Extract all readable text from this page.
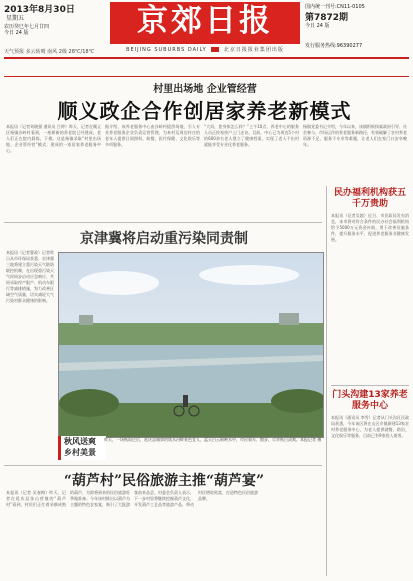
2013年8月30日
星期五
农历癸巳年七月廿四
今日 24 版
天气预报 多云转晴 南风 2级 28℃/18℃
京郊日报
BEIJING SUBURBS DAILY	北京日报报业集团出版
国内统一刊号:CN11-0105
第7872期
今日 24 版
发行服务热线:96390277
村里出场地 企业管经营
顺义政企合作创居家养老新模式
本报讯（记者刘晓强 通讯员 吕钟）昨天，记者在顺义区杨镇沙岭村看到，一座崭新的养老院已经建成，老人们正在院内晨练、下棋。这是杨镇采取“村里出场地、企业管经营”模式，建成的一家居家养老服务中心。
据介绍，该养老服务中心由沙岭村提供场地，引入专业养老服务企业负责运营管理，为本村及周边村庄的老年人提供日间照料、助餐、医疗保健、文化娱乐等多项服务。
“大妈，您身体怎么样？”上午10点，养老中心的服务人员正挨家挨户上门走访。目前，中心已为周边5个村的600余名老人建立了健康档案，实现了老人不出村就能享受专业化养老服务。
杨镇党委书记介绍，今年以来，该镇积极探索政府引导、社会参与、市场运作的养老服务新路径，有效破解了农村养老资源不足、服务不专业等难题，让老人们在家门口安享晚年。
民办福利机构获五千万贵助
本报讯（记者吴越）近日，市民政局发布消息，本市将对符合条件的民办社会福利机构给予5000万元资金补助，用于改善设施条件，提升服务水平，促进养老服务业健康发展。
门头沟建13家养老服务中心
本报讯（通讯员 李雪）记者从门头沟区民政局获悉，今年该区将在山区乡镇新建13家农村养老服务中心，为老人提供就餐、助浴、文化娱乐等服务，目前已有9家投入使用。
京津冀将启动重污染同责制
本报讯（记者曹政）记者昨日从市环保局获悉，京津冀三地将建立重污染天气联防联控机制，在出现重污染天气时同步启动应急响应，共同采取停产限产、机动车限行等减排措施，努力改善区域空气质量，切实减轻大气污染对群众健康的影响。
秋风送爽 乡村美景
昨天，一场秋雨过后，延庆县城郊的妫水河畔景色宜人，蓝天白云倒映水中，市民骑车、散步，尽享秋日清爽。本报记者 摄
“葫芦村”民俗旅游主推“葫芦宴”
本报讯（记者 吴春梅）昨天，记者在延庆县张山营镇的“葫芦村”看到，村民们正忙着采摘成熟的葫芦，为即将到来的民俗旅游旺季做准备。今年该村推出以葫芦为主题的特色农家宴，吸引了大批游客前来品尝。村委会负责人表示，下一步村里将继续挖掘葫芦文化，开发葫芦工艺品等旅游产品，带动村民增收致富，打造特色民俗旅游品牌。
